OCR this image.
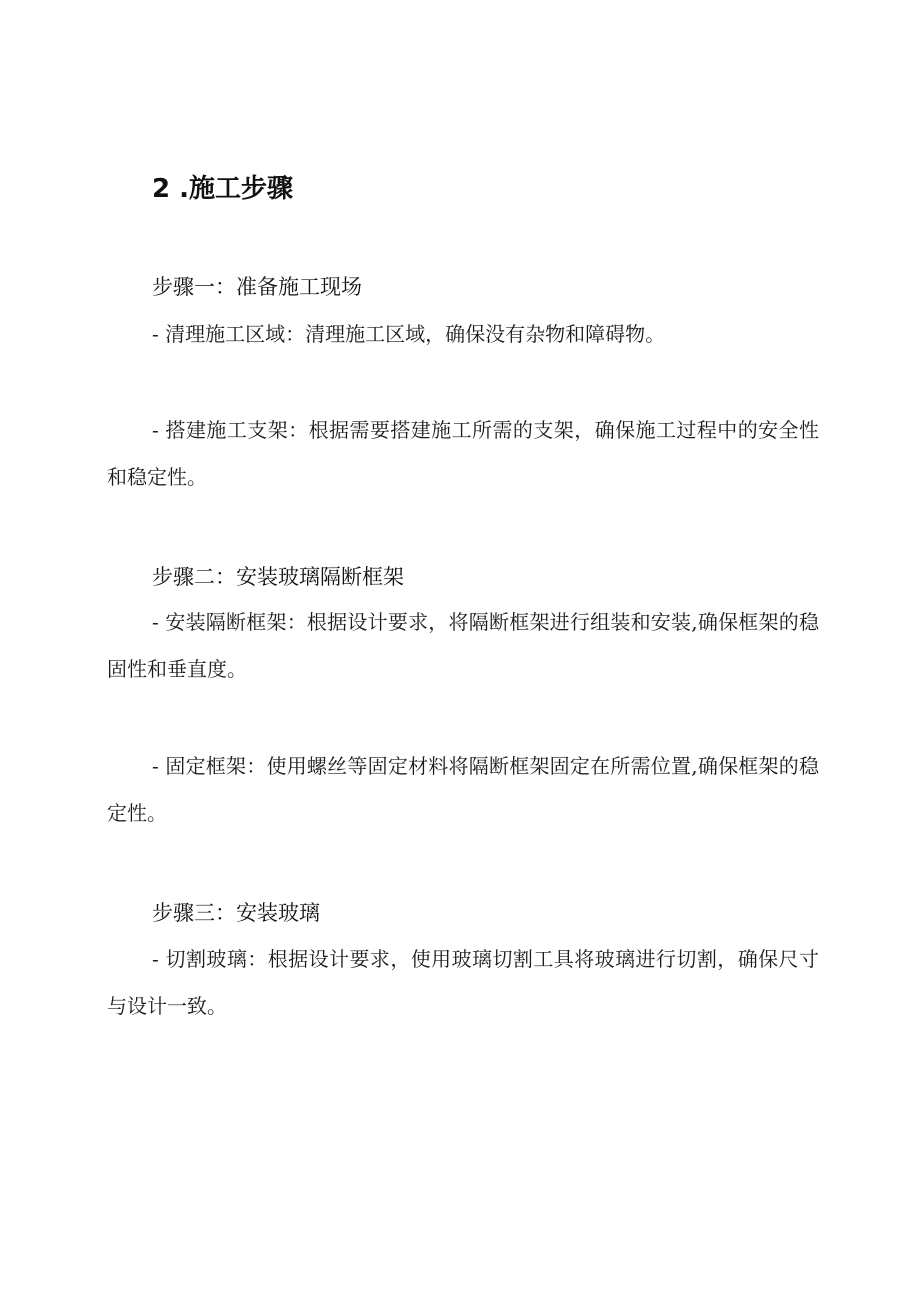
2 .施工步骤
步骤一：准备施工现场
- 清理施工区域：清理施工区域，确保没有杂物和障碍物。
- 搭建施工支架：根据需要搭建施工所需的支架，确保施工过程中的安全性和稳定性。
步骤二：安装玻璃隔断框架
- 安装隔断框架：根据设计要求，将隔断框架进行组装和安装,确保框架的稳固性和垂直度。
- 固定框架：使用螺丝等固定材料将隔断框架固定在所需位置,确保框架的稳定性。
步骤三：安装玻璃
- 切割玻璃：根据设计要求，使用玻璃切割工具将玻璃进行切割，确保尺寸与设计一致。
